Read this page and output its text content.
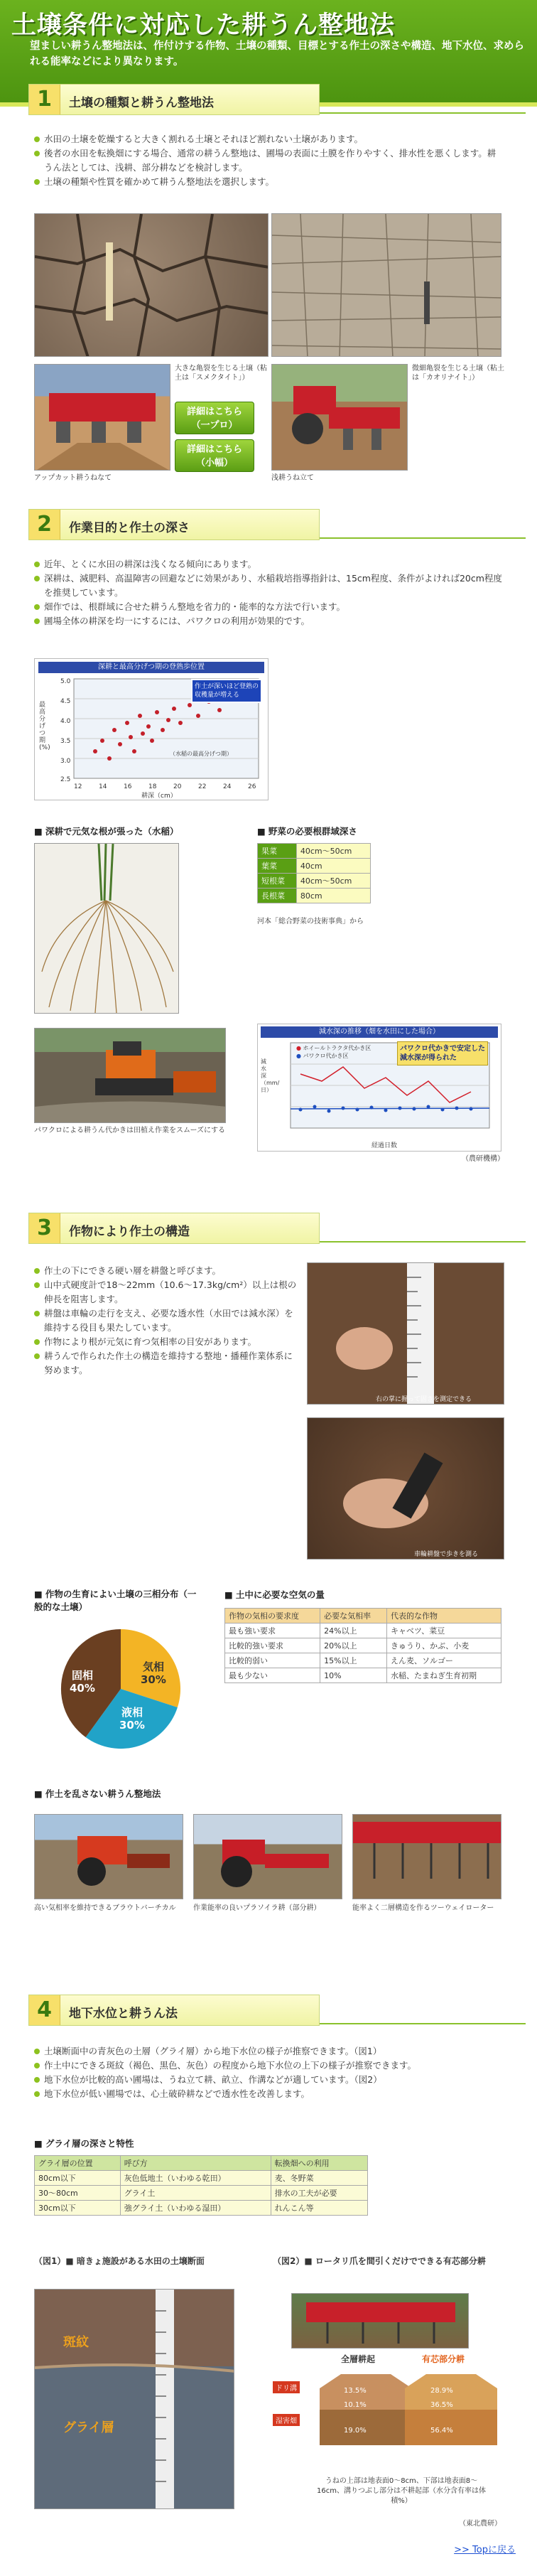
土壌条件に対応した耕うん整地法
望ましい耕うん整地法は、作付けする作物、土壌の種類、目標とする作土の深さや構造、地下水位、求められる能率などにより異なります。
1	土壌の種類と耕うん整地法
水田の土壌を乾燥すると大きく割れる土壌とそれほど割れない土壌があります。
後者の水田を転換畑にする場合、通常の耕うん整地は、圃場の表面に土膜を作りやすく、排水性を悪くします。耕うん法としては、浅耕、部分耕などを検討します。
土壌の種類や性質を確かめて耕うん整地法を選択します。
大きな亀裂を生じる土壌（粘土は「スメクタイト」）
微細亀裂を生じる土壌（粘土は「カオリナイト」）
詳細はこちら
（一プロ）
詳細はこちら
（小幅）
アップカット耕うねなて	浅耕うね立て
2	作業目的と作土の深さ
近年、とくに水田の耕深は浅くなる傾向にあります。
深耕は、減肥料、高温障害の回避などに効果があり、水稲栽培指導指針は、15cm程度、条件がよければ20cm程度を推奨しています。
畑作では、根群域に合せた耕うん整地を省力的・能率的な方法で行います。
圃場全体の耕深を均一にするには、パワクロの利用が効果的です。
深耕と最高分げつ期の登熟歩位置
5.0
4.5
4.0
3.5
3.0
2.5
12	14	16	18	20	22	24	26
最高分げつ期(%)
耕深（cm）
（水稲の最高分げつ期）
作土が深いほど登熟の収穫量が増える
■ 深耕で元気な根が張った（水稲）	■ 野菜の必要根群域深さ
果菜	40cm〜50cm
葉菜	40cm
短根菜	40cm〜50cm
長根菜	80cm
河本「総合野菜の技術事典」から
パワクロによる耕うん代かきは田植え作業をスムーズにする
減水深の推移（畑を水田にした場合）
減水深（mm/日）
経過日数
● ホイールトラクタ代かき区
● パワクロ代かき区
パワクロ代かきで安定した減水深が得られた
（農研機構）
3	作物により作土の構造
作土の下にできる硬い層を耕盤と呼びます。
山中式硬度計で18〜22mm（10.6〜17.3kg/cm²）以上は根の伸長を阻害します。
耕盤は車輪の走行を支え、必要な透水性（水田では減水深）を維持する役目も果たしています。
作物により根が元気に育つ気相率の目安があります。
耕うんで作られた作土の構造を維持する整地・播種作業体系に努めます。
右の掌に握って固さを測定できる
車輪耕盤で歩きを測る
■ 作物の生育によい土壌の三相分布（一般的な土壌）
固相
40%
気相
30%
液相
30%
■ 土中に必要な空気の量
作物の気相の要求度	必要な気相率	代表的な作物
最も強い要求	24%以上	キャベツ、菜豆
比較的強い要求	20%以上	きゅうり、かぶ、小麦
比較的弱い	15%以上	えん麦、ソルゴー
最も少ない	10%	水稲、たまねぎ生育初期
■ 作土を乱さない耕うん整地法
高い気相率を維持できるブラウトバーチカル	作業能率の良いプラソイラ耕（部分耕）	能率よく二層構造を作るツーウェイローター
4	地下水位と耕うん法
土壌断面中の青灰色の土層（グライ層）から地下水位の様子が推察できます。（図1）
作土中にできる斑紋（褐色、黒色、灰色）の程度から地下水位の上下の様子が推察できます。
地下水位が比較的高い圃場は、うね立て耕、畝立、作溝などが適しています。（図2）
地下水位が低い圃場では、心土破砕耕などで透水性を改善します。
■ グライ層の深さと特性
グライ層の位置	呼び方	転換畑への利用
80cm以下	灰色低地土（いわゆる乾田）	麦、冬野菜
30〜80cm	グライ土	排水の工夫が必要
30cm以下	強グライ土（いわゆる湿田）	れんこん等
（図1）■ 暗きょ施設がある水田の土壌断面
斑紋
グライ層
（図2）■ ロータリ爪を間引くだけでできる有芯部分耕
全層耕起	有芯部分耕
ドリ溝
湿害畑
13.5%
10.1%
19.0%
28.9%
36.5%
56.4%
うねの上部は地表面0〜8cm、下部は地表面8〜16cm、溝りつぶし部分は不耕起部（水分含有率は体積%）
（東北農研）
>> Topに戻る
